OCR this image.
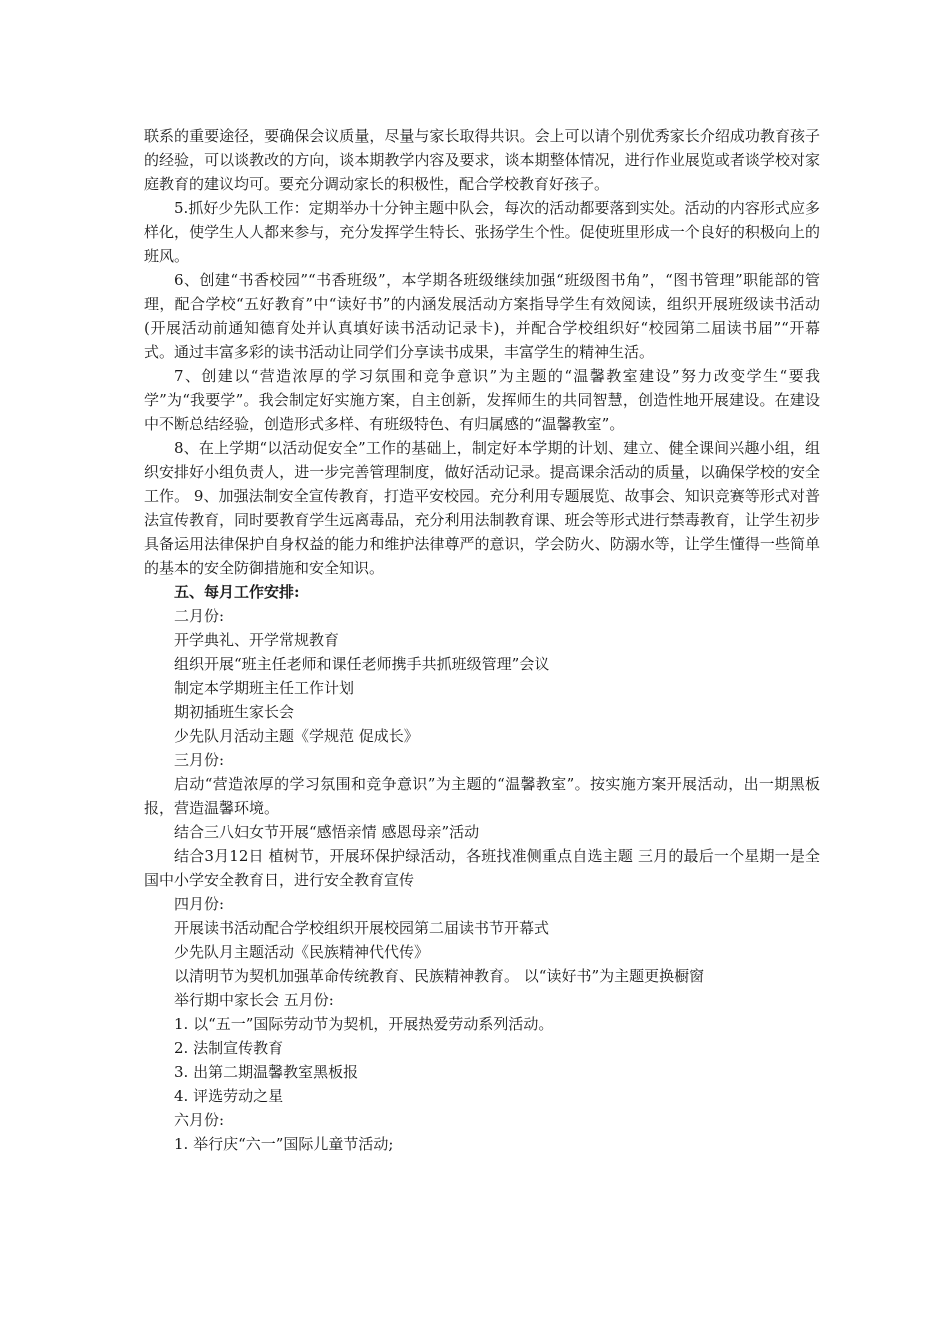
联系的重要途径，要确保会议质量，尽量与家长取得共识。会上可以请个别优秀家长介绍成功教育孩子的经验，可以谈教改的方向，谈本期教学内容及要求，谈本期整体情况，进行作业展览或者谈学校对家庭教育的建议均可。要充分调动家长的积极性，配合学校教育好孩子。

5.抓好少先队工作：定期举办十分钟主题中队会，每次的活动都要落到实处。活动的内容形式应多样化，使学生人人都来参与，充分发挥学生特长、张扬学生个性。促使班里形成一个良好的积极向上的班风。

6、创建“书香校园”“书香班级”，本学期各班级继续加强“班级图书角”，“图书管理”职能部的管理，配合学校“五好教育”中“读好书”的内涵发展活动方案指导学生有效阅读，组织开展班级读书活动(开展活动前通知德育处并认真填好读书活动记录卡)，并配合学校组织好“校园第二届读书届”“开幕式。通过丰富多彩的读书活动让同学们分享读书成果，丰富学生的精神生活。

7、创建以“营造浓厚的学习氛围和竞争意识”为主题的“温馨教室建设”努力改变学生“要我学”为“我要学”。我会制定好实施方案，自主创新，发挥师生的共同智慧，创造性地开展建设。在建设中不断总结经验，创造形式多样、有班级特色、有归属感的“温馨教室”。

8、在上学期“以活动促安全”工作的基础上，制定好本学期的计划、建立、健全课间兴趣小组，组织安排好小组负责人，进一步完善管理制度，做好活动记录。提高课余活动的质量，以确保学校的安全工作。 9、加强法制安全宣传教育，打造平安校园。充分利用专题展览、故事会、知识竞赛等形式对普法宣传教育，同时要教育学生远离毒品，充分利用法制教育课、班会等形式进行禁毒教育，让学生初步具备运用法律保护自身权益的能力和维护法律尊严的意识，学会防火、防溺水等，让学生懂得一些简单的基本的安全防御措施和安全知识。

五、每月工作安排:

二月份:

开学典礼、开学常规教育

组织开展“班主任老师和课任老师携手共抓班级管理”会议

制定本学期班主任工作计划

期初插班生家长会

少先队月活动主题《学规范 促成长》

三月份:

启动“营造浓厚的学习氛围和竞争意识”为主题的“温馨教室”。按实施方案开展活动，出一期黑板报，营造温馨环境。

结合三八妇女节开展“感悟亲情 感恩母亲”活动

结合3月12日 植树节，开展环保护绿活动，各班找准侧重点自选主题 三月的最后一个星期一是全国中小学安全教育日，进行安全教育宣传

四月份:

开展读书活动配合学校组织开展校园第二届读书节开幕式

少先队月主题活动《民族精神代代传》

以清明节为契机加强革命传统教育、民族精神教育。 以“读好书”为主题更换橱窗

举行期中家长会 五月份:

1. 以“五一”国际劳动节为契机，开展热爱劳动系列活动。

2. 法制宣传教育

3. 出第二期温馨教室黑板报

4. 评选劳动之星

六月份:

1. 举行庆“六一”国际儿童节活动;
